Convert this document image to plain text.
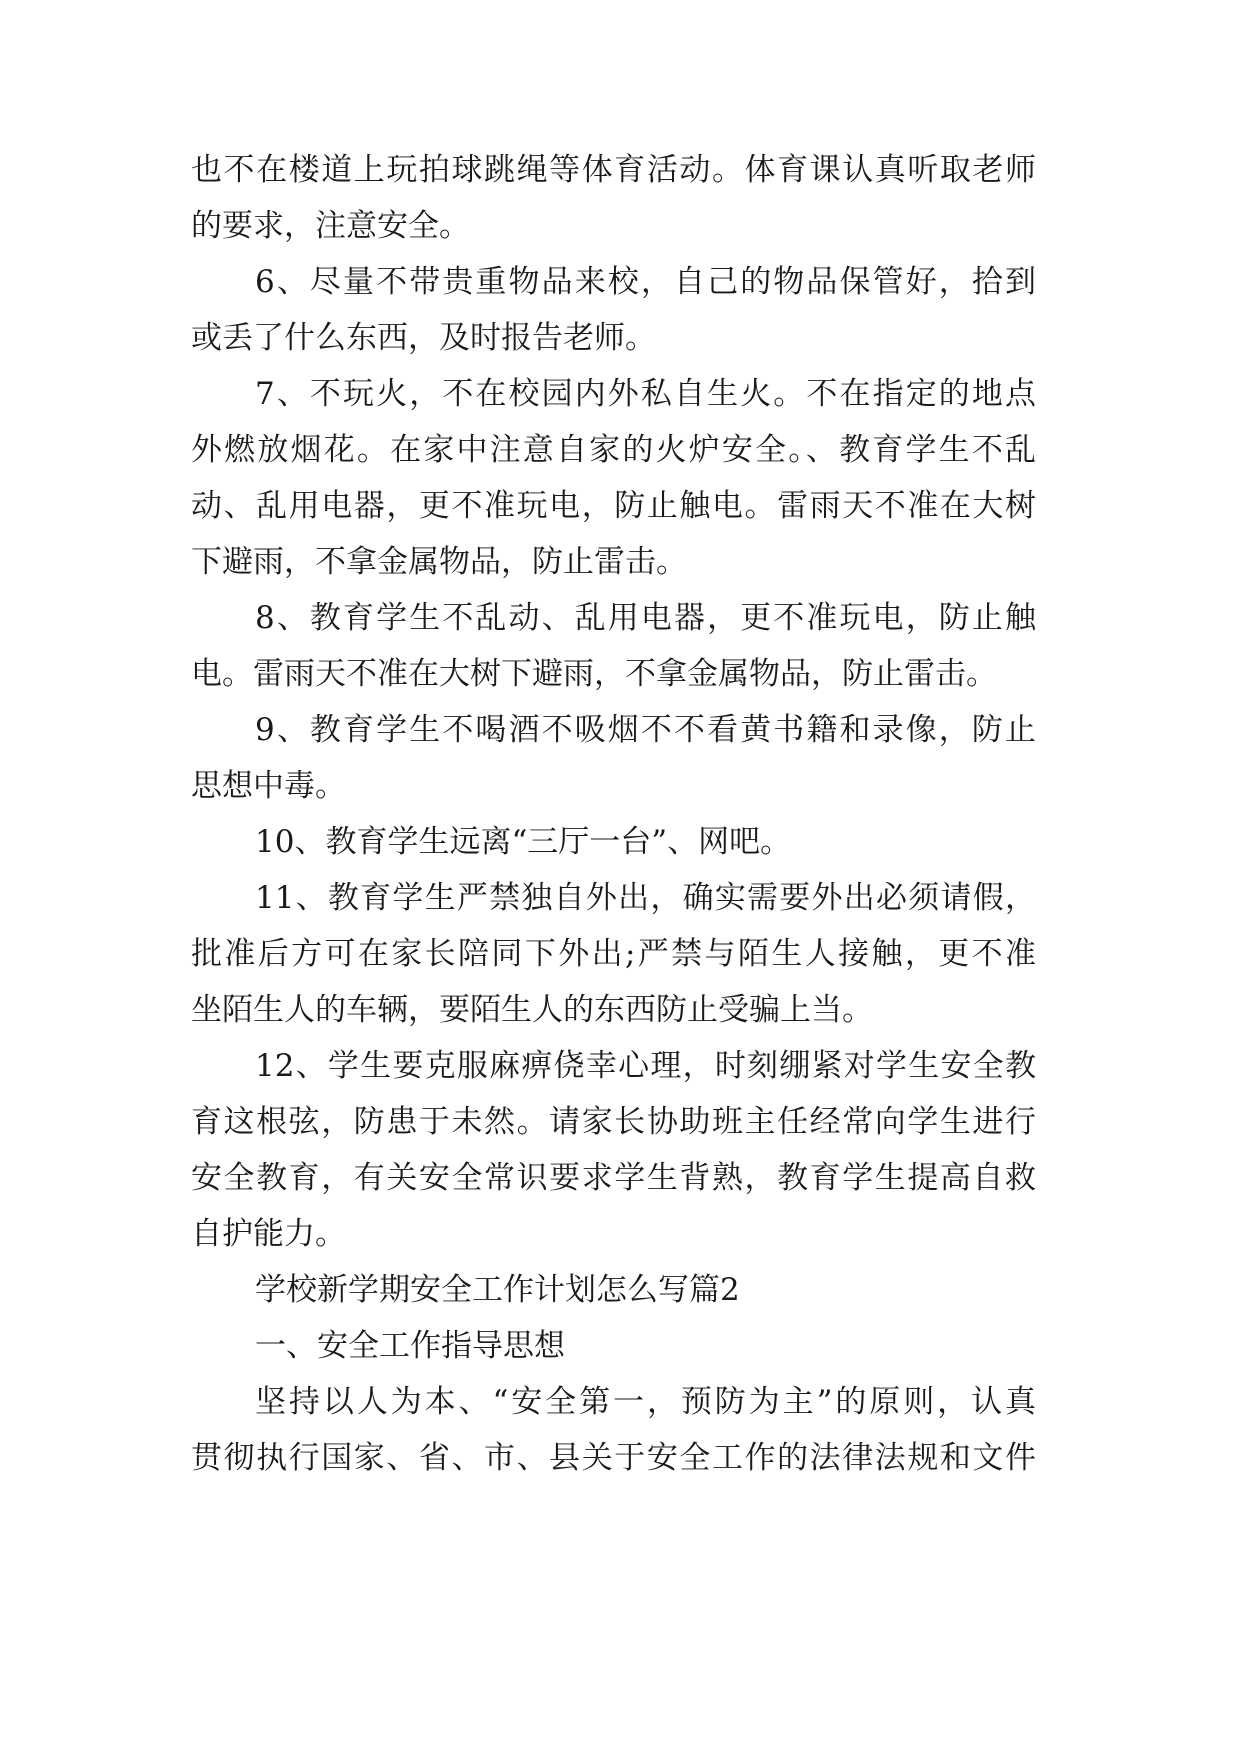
也不在楼道上玩拍球跳绳等体育活动。体育课认真听取老师
的要求，注意安全。
6、尽量不带贵重物品来校，自己的物品保管好，拾到
或丢了什么东西，及时报告老师。
7、不玩火，不在校园内外私自生火。不在指定的地点
外燃放烟花。在家中注意自家的火炉安全。、教育学生不乱
动、乱用电器，更不准玩电，防止触电。雷雨天不准在大树
下避雨，不拿金属物品，防止雷击。
8、教育学生不乱动、乱用电器，更不准玩电，防止触
电。雷雨天不准在大树下避雨，不拿金属物品，防止雷击。
9、教育学生不喝酒不吸烟不不看黄书籍和录像，防止
思想中毒。
10、教育学生远离“三厅一台”、网吧。
11、教育学生严禁独自外出，确实需要外出必须请假，
批准后方可在家长陪同下外出;严禁与陌生人接触，更不准
坐陌生人的车辆，要陌生人的东西防止受骗上当。
12、学生要克服麻痹侥幸心理，时刻绷紧对学生安全教
育这根弦，防患于未然。请家长协助班主任经常向学生进行
安全教育，有关安全常识要求学生背熟，教育学生提高自救
自护能力。
学校新学期安全工作计划怎么写篇2
一、安全工作指导思想
坚持以人为本、“安全第一，预防为主”的原则，认真
贯彻执行国家、省、市、县关于安全工作的法律法规和文件
